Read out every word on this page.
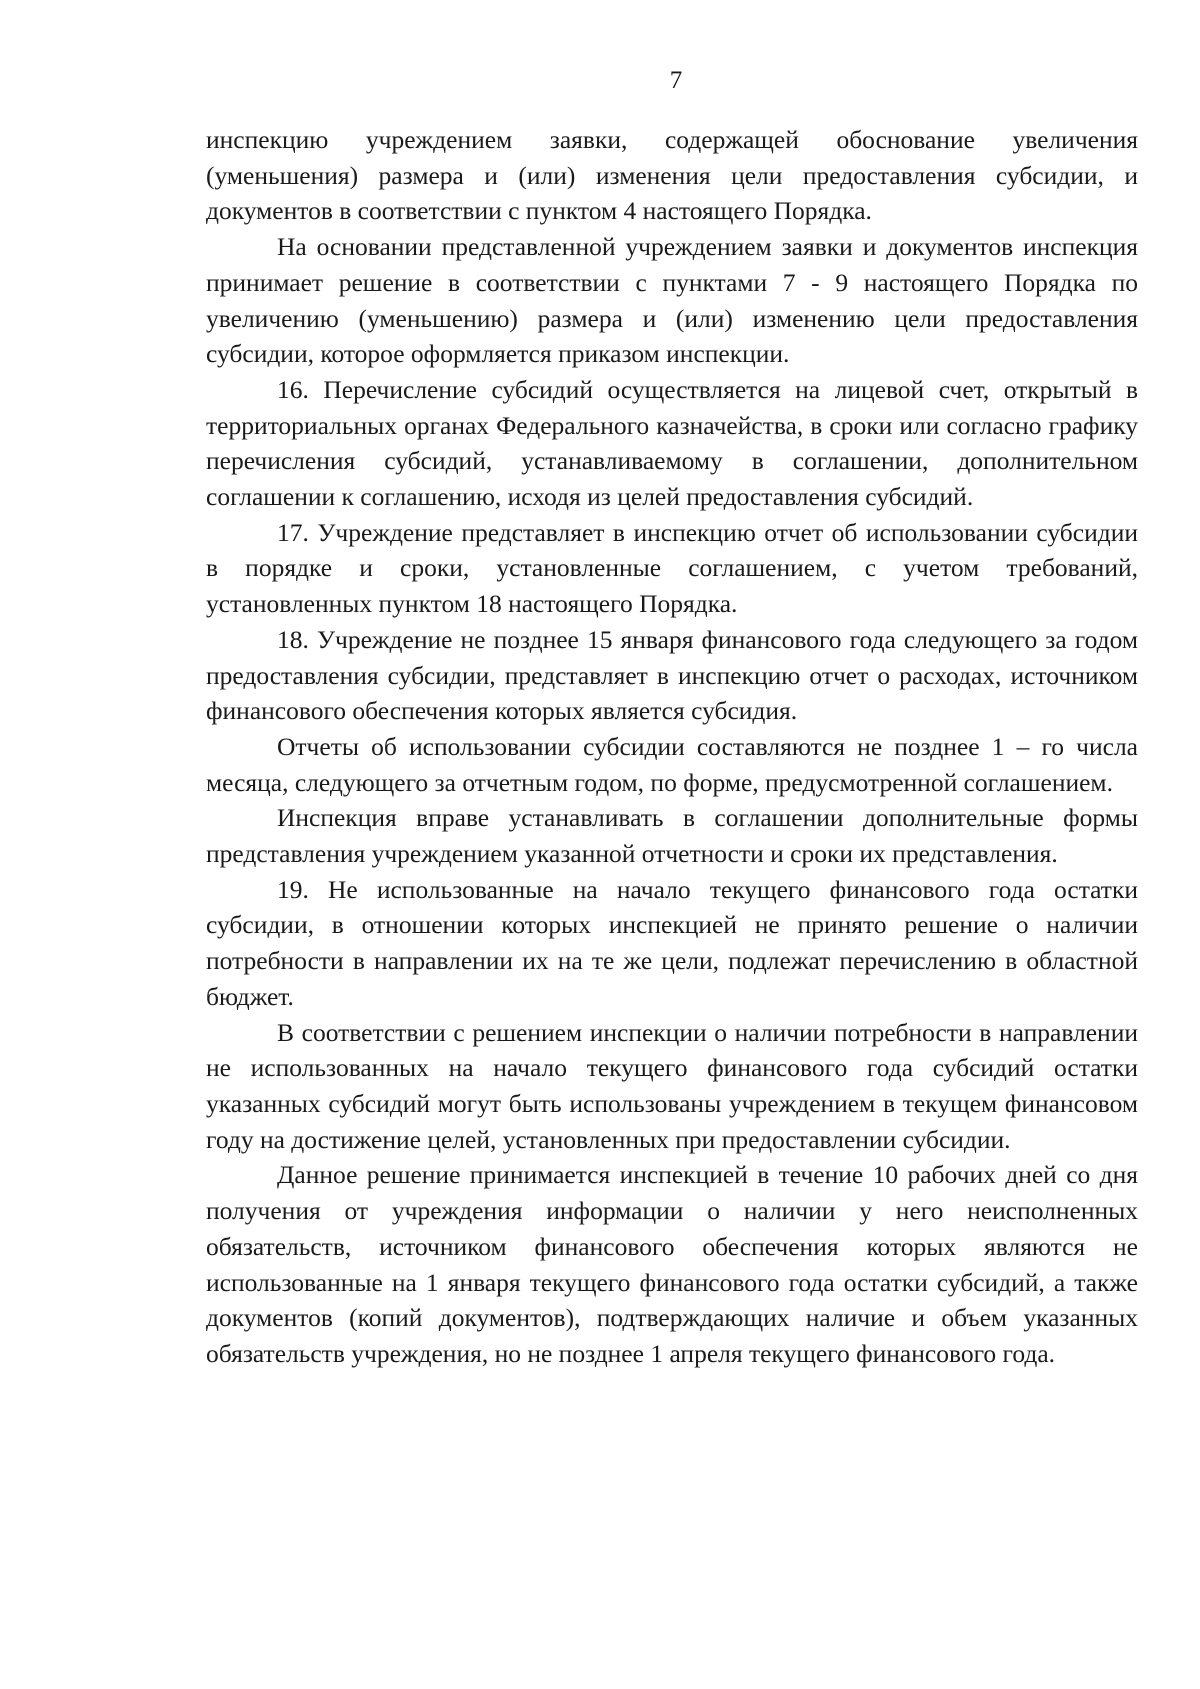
7

инспекцию учреждением заявки, содержащей обоснование увеличения (уменьшения) размера и (или) изменения цели предоставления субсидии, и документов в соответствии с пунктом 4 настоящего Порядка.

На основании представленной учреждением заявки и документов инспекция принимает решение в соответствии с пунктами 7 - 9 настоящего Порядка по увеличению (уменьшению) размера и (или) изменению цели предоставления субсидии, которое оформляется приказом инспекции.

16. Перечисление субсидий осуществляется на лицевой счет, открытый в территориальных органах Федерального казначейства, в сроки или согласно графику перечисления субсидий, устанавливаемому в соглашении, дополнительном соглашении к соглашению, исходя из целей предоставления субсидий.

17. Учреждение представляет в инспекцию отчет об использовании субсидии в порядке и сроки, установленные соглашением, с учетом требований, установленных пунктом 18 настоящего Порядка.

18. Учреждение не позднее 15 января финансового года следующего за годом предоставления субсидии, представляет в инспекцию отчет о расходах, источником финансового обеспечения которых является субсидия.

Отчеты об использовании субсидии составляются не позднее 1 – го числа месяца, следующего за отчетным годом, по форме, предусмотренной соглашением.

Инспекция вправе устанавливать в соглашении дополнительные формы представления учреждением указанной отчетности и сроки их представления.

19. Не использованные на начало текущего финансового года остатки субсидии, в отношении которых инспекцией не принято решение о наличии потребности в направлении их на те же цели, подлежат перечислению в областной бюджет.

В соответствии с решением инспекции о наличии потребности в направлении не использованных на начало текущего финансового года субсидий остатки указанных субсидий могут быть использованы учреждением в текущем финансовом году на достижение целей, установленных при предоставлении субсидии.

Данное решение принимается инспекцией в течение 10 рабочих дней со дня получения от учреждения информации о наличии у него неисполненных обязательств, источником финансового обеспечения которых являются не использованные на 1 января текущего финансового года остатки субсидий, а также документов (копий документов), подтверждающих наличие и объем указанных обязательств учреждения, но не позднее 1 апреля текущего финансового года.
